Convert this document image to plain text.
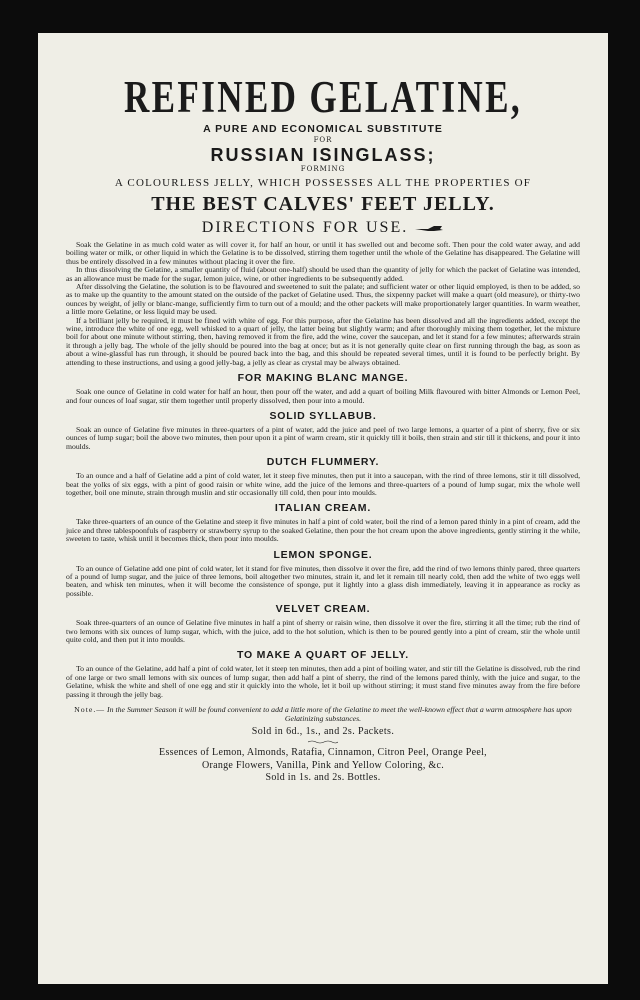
REFINED GELATINE,
A PURE AND ECONOMICAL SUBSTITUTE
FOR
RUSSIAN ISINGLASS;
FORMING
A COLOURLESS JELLY, WHICH POSSESSES ALL THE PROPERTIES OF
THE BEST CALVES' FEET JELLY.
DIRECTIONS FOR USE.

Soak the Gelatine in as much cold water as will cover it, for half an hour, or until it has swelled out and become soft. Then pour the cold water away, and add boiling water or milk, or other liquid in which the Gelatine is to be dissolved, stirring them together until the whole of the Gelatine has disappeared. The Gelatine will thus be entirely dissolved in a few minutes without placing it over the fire.

In thus dissolving the Gelatine, a smaller quantity of fluid (about one-half) should be used than the quantity of jelly for which the packet of Gelatine was intended, as an allowance must be made for the sugar, lemon juice, wine, or other ingredients to be subsequently added.

After dissolving the Gelatine, the solution is to be flavoured and sweetened to suit the palate; and sufficient water or other liquid employed, is then to be added, so as to make up the quantity to the amount stated on the outside of the packet of Gelatine used. Thus, the sixpenny packet will make a quart (old measure), or thirty-two ounces by weight, of jelly or blanc-mange, sufficiently firm to turn out of a mould; and the other packets will make proportionately larger quantities. In warm weather, a little more Gelatine, or less liquid may be used.

If a brilliant jelly be required, it must be fined with white of egg. For this purpose, after the Gelatine has been dissolved and all the ingredients added, except the wine, introduce the white of one egg, well whisked to a quart of jelly, the latter being but slightly warm; and after thoroughly mixing them together, let the mixture boil for about one minute without stirring, then, having removed it from the fire, add the wine, cover the saucepan, and let it stand for a few minutes; afterwards strain it through a jelly bag. The whole of the jelly should be poured into the bag at once; but as it is not generally quite clear on first running through the bag, as soon as about a wine-glassful has run through, it should be poured back into the bag, and this should be repeated several times, until it is found to be perfectly bright. By attending to these instructions, and using a good jelly-bag, a jelly as clear as crystal may be always obtained.

FOR MAKING BLANC MANGE.

Soak one ounce of Gelatine in cold water for half an hour, then pour off the water, and add a quart of boiling Milk flavoured with bitter Almonds or Lemon Peel, and four ounces of loaf sugar, stir them together until properly dissolved, then pour into a mould.

SOLID SYLLABUB.

Soak an ounce of Gelatine five minutes in three-quarters of a pint of water, add the juice and peel of two large lemons, a quarter of a pint of sherry, five or six ounces of lump sugar; boil the above two minutes, then pour upon it a pint of warm cream, stir it quickly till it boils, then strain and stir till it thickens, and pour it into moulds.

DUTCH FLUMMERY.

To an ounce and a half of Gelatine add a pint of cold water, let it steep five minutes, then put it into a saucepan, with the rind of three lemons, stir it till dissolved, beat the yolks of six eggs, with a pint of good raisin or white wine, add the juice of the lemons and three-quarters of a pound of lump sugar, mix the whole well together, boil one minute, strain through muslin and stir occasionally till cold, then pour into moulds.

ITALIAN CREAM.

Take three-quarters of an ounce of the Gelatine and steep it five minutes in half a pint of cold water, boil the rind of a lemon pared thinly in a pint of cream, add the juice and three tablespoonfuls of raspberry or strawberry syrup to the soaked Gelatine, then pour the hot cream upon the above ingredients, gently stirring it the while, sweeten to taste, whisk until it becomes thick, then pour into moulds.

LEMON SPONGE.

To an ounce of Gelatine add one pint of cold water, let it stand for five minutes, then dissolve it over the fire, add the rind of two lemons thinly pared, three quarters of a pound of lump sugar, and the juice of three lemons, boil altogether two minutes, strain it, and let it remain till nearly cold, then add the white of two eggs well beaten, and whisk ten minutes, when it will become the consistence of sponge, put it lightly into a glass dish immediately, leaving it in appearance as rocky as possible.

VELVET CREAM.

Soak three-quarters of an ounce of Gelatine five minutes in half a pint of sherry or raisin wine, then dissolve it over the fire, stirring it all the time; rub the rind of two lemons with six ounces of lump sugar, which, with the juice, add to the hot solution, which is then to be poured gently into a pint of cream, stir the whole until quite cold, and then put it into moulds.

TO MAKE A QUART OF JELLY.

To an ounce of the Gelatine, add half a pint of cold water, let it steep ten minutes, then add a pint of boiling water, and stir till the Gelatine is dissolved, rub the rind of one large or two small lemons with six ounces of lump sugar, then add half a pint of sherry, the rind of the lemons pared thinly, with the juice and sugar, to the Gelatine, whisk the white and shell of one egg and stir it quickly into the whole, let it boil up without stirring; it must stand five minutes away from the fire before passing it through the jelly bag.

Note.— In the Summer Season it will be found convenient to add a little more of the Gelatine to meet the well-known effect that a warm atmosphere has upon Gelatinizing substances.
Sold in 6d., 1s., and 2s. Packets.
Essences of Lemon, Almonds, Ratafia, Cinnamon, Citron Peel, Orange Peel,
Orange Flowers, Vanilla, Pink and Yellow Coloring, &c.
Sold in 1s. and 2s. Bottles.
